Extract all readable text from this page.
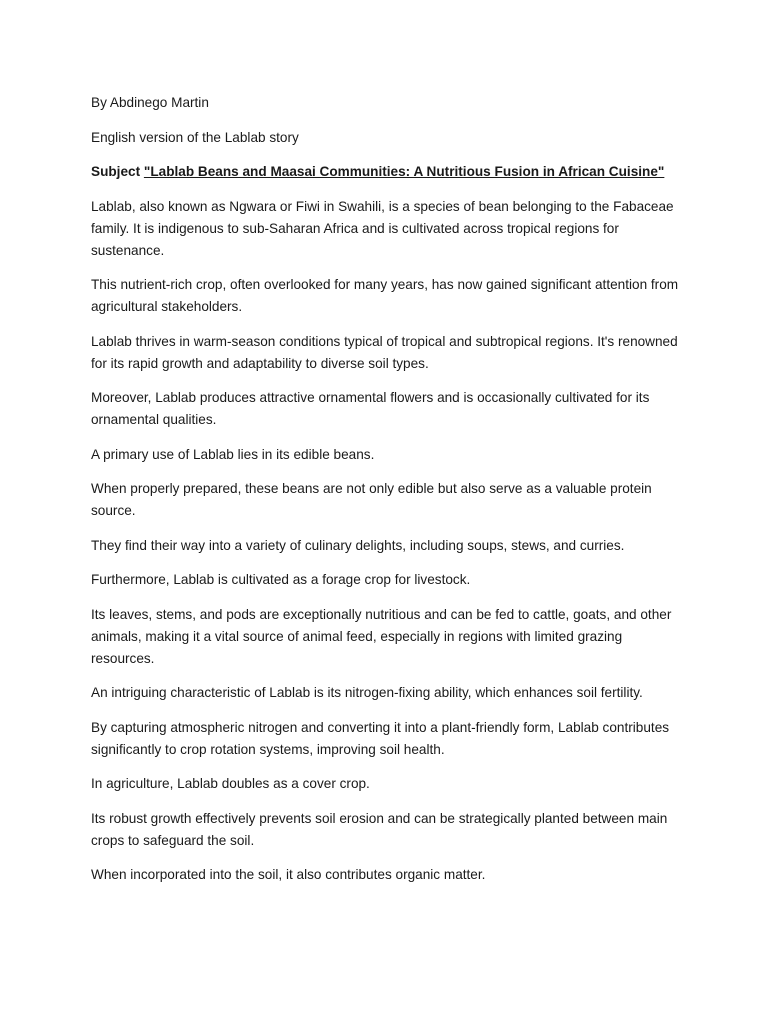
By Abdinego Martin

English version of the Lablab story

Subject "Lablab Beans and Maasai Communities: A Nutritious Fusion in African Cuisine"

Lablab, also known as Ngwara or Fiwi in Swahili, is a species of bean belonging to the Fabaceae family. It is indigenous to sub-Saharan Africa and is cultivated across tropical regions for sustenance.

This nutrient-rich crop, often overlooked for many years, has now gained significant attention from agricultural stakeholders.

Lablab thrives in warm-season conditions typical of tropical and subtropical regions. It's renowned for its rapid growth and adaptability to diverse soil types.

Moreover, Lablab produces attractive ornamental flowers and is occasionally cultivated for its ornamental qualities.

A primary use of Lablab lies in its edible beans.

When properly prepared, these beans are not only edible but also serve as a valuable protein source.

They find their way into a variety of culinary delights, including soups, stews, and curries.

Furthermore, Lablab is cultivated as a forage crop for livestock.

Its leaves, stems, and pods are exceptionally nutritious and can be fed to cattle, goats, and other animals, making it a vital source of animal feed, especially in regions with limited grazing resources.

An intriguing characteristic of Lablab is its nitrogen-fixing ability, which enhances soil fertility.

By capturing atmospheric nitrogen and converting it into a plant-friendly form, Lablab contributes significantly to crop rotation systems, improving soil health.

In agriculture, Lablab doubles as a cover crop.

Its robust growth effectively prevents soil erosion and can be strategically planted between main crops to safeguard the soil.

When incorporated into the soil, it also contributes organic matter.
